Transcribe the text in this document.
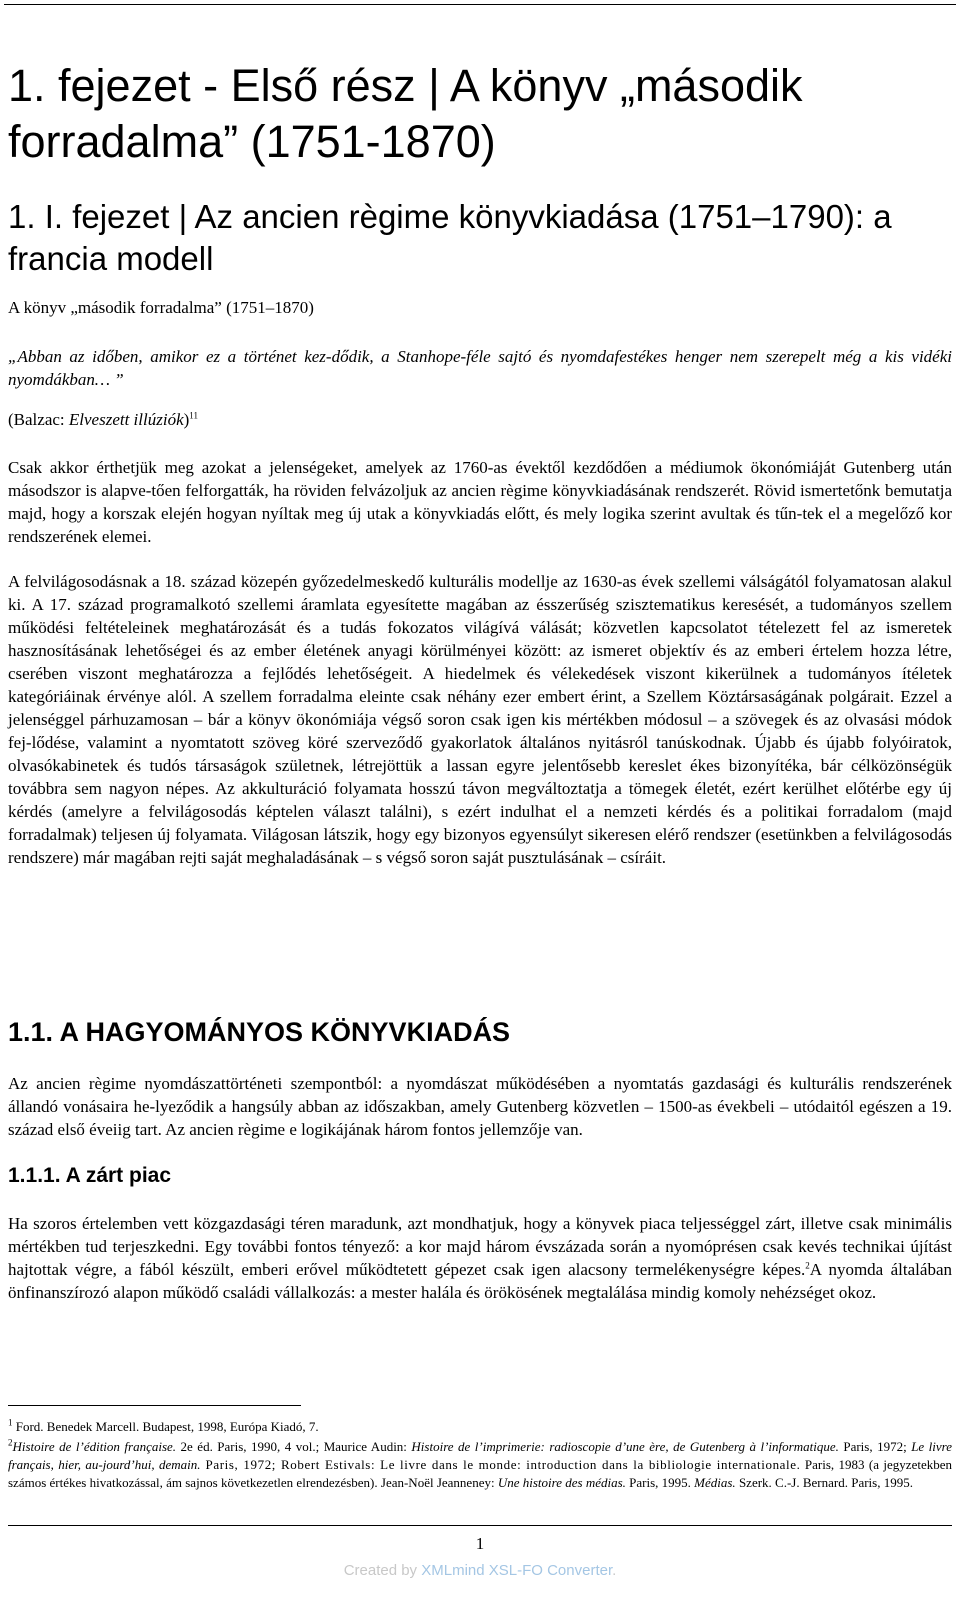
1. fejezet - Első rész | A könyv „második forradalma” (1751-1870)
1. I. fejezet | Az ancien règime könyvkiadása (1751–1790): a francia modell

A könyv „második forradalma” (1751–1870)

„Abban az időben, amikor ez a történet kez-dődik, a Stanhope-féle sajtó és nyomdafestékes henger nem szerepelt még a kis vidéki nyomdákban… ”

(Balzac: Elveszett illúziók)$^{11}$

Csak akkor érthetjük meg azokat a jelenségeket, amelyek az 1760-as évektől kezdődően a médiumok ökonómiáját Gutenberg után másodszor is alapve-tően felforgatták, ha röviden felvázoljuk az ancien règime könyvkiadásának rendszerét. Rövid ismertetőnk bemutatja majd, hogy a korszak elején hogyan nyíltak meg új utak a könyvkiadás előtt, és mely logika szerint avultak és tűn-tek el a megelőző kor rendszerének elemei.

A felvilágosodásnak a 18. század közepén győzedelmeskedő kulturális modellje az 1630-as évek szellemi válságától folyamatosan alakul ki. A 17. század programalkotó szellemi áramlata egyesítette magában az ésszerűség szisztematikus keresését, a tudományos szellem működési feltételeinek meghatározását és a tudás fokozatos világívá válását; közvetlen kapcsolatot tételezett fel az ismeretek hasznosításának lehetőségei és az ember életének anyagi körülményei között: az ismeret objektív és az emberi értelem hozza létre, cserében viszont meghatározza a fejlődés lehetőségeit. A hiedelmek és vélekedések viszont kikerülnek a tudományos ítéletek kategóriáinak érvénye alól. A szellem forradalma eleinte csak néhány ezer embert érint, a Szellem Köztársaságának polgárait. Ezzel a jelenséggel párhuzamosan – bár a könyv ökonómiája végső soron csak igen kis mértékben módosul – a szövegek és az olvasási módok fej-lődése, valamint a nyomtatott szöveg köré szerveződő gyakorlatok általános nyitásról tanúskodnak. Újabb és újabb folyóiratok, olvasókabinetek és tudós társaságok születnek, létrejöttük a lassan egyre jelentősebb kereslet ékes bizonyítéka, bár célközönségük továbbra sem nagyon népes. Az akkulturáció folyamata hosszú távon megváltoztatja a tömegek életét, ezért kerülhet előtérbe egy új kérdés (amelyre a felvilágosodás képtelen választ találni), s ezért indulhat el a nemzeti kérdés és a politikai forradalom (majd forradalmak) teljesen új folyamata. Világosan látszik, hogy egy bizonyos egyensúlyt sikeresen elérő rendszer (esetünkben a felvilágosodás rendszere) már magában rejti saját meghaladásának – s végső soron saját pusztulásának – csíráit.

1.1. A HAGYOMÁNYOS KÖNYVKIADÁS

Az ancien règime nyomdászattörténeti szempontból: a nyomdászat működésében a nyomtatás gazdasági és kulturális rendszerének állandó vonásaira he-lyeződik a hangsúly abban az időszakban, amely Gutenberg közvetlen – 1500-as évekbeli – utódaitól egészen a 19. század első éveiig tart. Az ancien règime e logikájának három fontos jellemzője van.

1.1.1. A zárt piac

Ha szoros értelemben vett közgazdasági téren maradunk, azt mondhatjuk, hogy a könyvek piaca teljességgel zárt, illetve csak minimális mértékben tud terjeszkedni. Egy további fontos tényező: a kor majd három évszázada során a nyomóprésen csak kevés technikai újítást hajtottak végre, a fából készült, emberi erővel működtetett gépezet csak igen alacsony termelékenységre képes.$^2$A nyomda általában önfinanszírozó alapon működő családi vállalkozás: a mester halála és örökösének megtalálása mindig komoly nehézséget okoz.

$^1$ Ford. Benedek Marcell. Budapest, 1998, Európa Kiadó, 7.

$^2$Histoire de l’édition française. 2e éd. Paris, 1990, 4 vol.; Maurice Audin: Histoire de l’imprimerie: radioscopie d’une ère, de Gutenberg à l’informatique. Paris, 1972; Le livre français, hier, au-jourd’hui, demain. Paris, 1972; Robert Estivals: Le livre dans le monde: introduction dans la bibliologie internationale. Paris, 1983 (a jegyzetekben számos értékes hivatkozással, ám sajnos következetlen elrendezésben). Jean-Noël Jeanneney: Une histoire des médias. Paris, 1995. Médias. Szerk. C.-J. Bernard. Paris, 1995.

1
Created by XMLmind XSL-FO Converter.
